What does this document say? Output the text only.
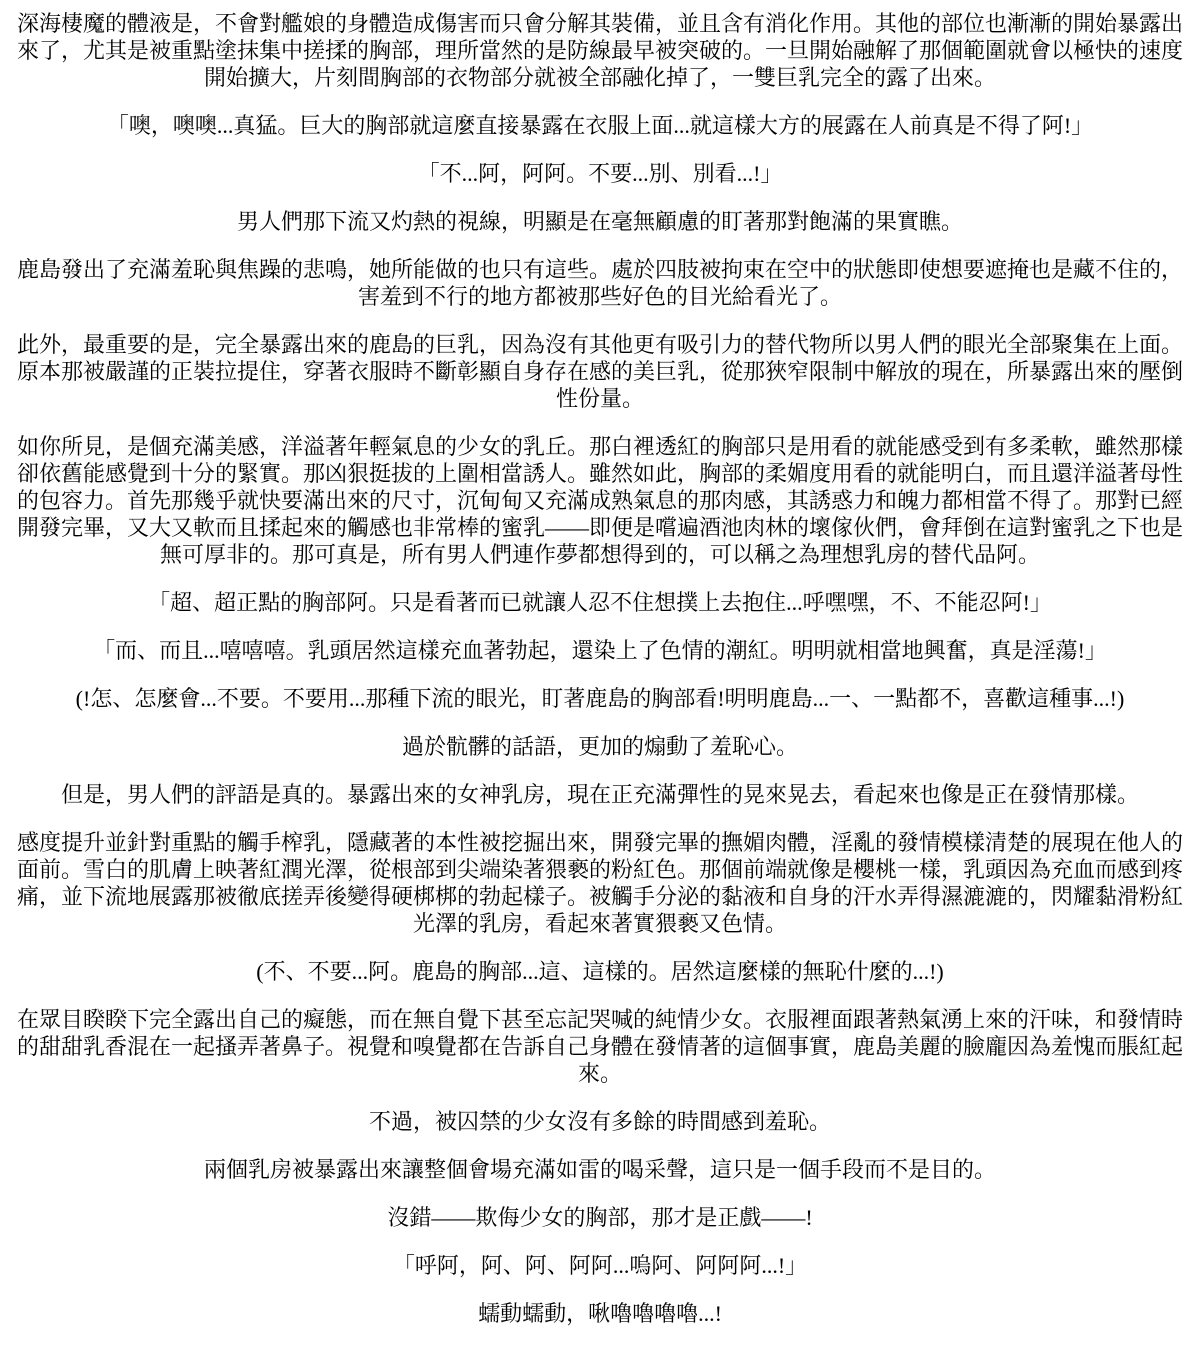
深海棲魔的體液是，不會對艦娘的身體造成傷害而只會分解其裝備，並且含有消化作用。其他的部位也漸漸的開始暴露出來了，尤其是被重點塗抹集中搓揉的胸部，理所當然的是防線最早被突破的。一旦開始融解了那個範圍就會以極快的速度開始擴大，片刻間胸部的衣物部分就被全部融化掉了，一雙巨乳完全的露了出來。

「噢，噢噢...真猛。巨大的胸部就這麼直接暴露在衣服上面...就這樣大方的展露在人前真是不得了阿!」

「不...阿，阿阿。不要...別、別看...!」

男人們那下流又灼熱的視線，明顯是在毫無顧慮的盯著那對飽滿的果實瞧。

鹿島發出了充滿羞恥與焦躁的悲鳴，她所能做的也只有這些。處於四肢被拘束在空中的狀態即使想要遮掩也是藏不住的，害羞到不行的地方都被那些好色的目光給看光了。

此外，最重要的是，完全暴露出來的鹿島的巨乳，因為沒有其他更有吸引力的替代物所以男人們的眼光全部聚集在上面。原本那被嚴謹的正裝拉提住，穿著衣服時不斷彰顯自身存在感的美巨乳，從那狹窄限制中解放的現在，所暴露出來的壓倒性份量。

如你所見，是個充滿美感，洋溢著年輕氣息的少女的乳丘。那白裡透紅的胸部只是用看的就能感受到有多柔軟，雖然那樣卻依舊能感覺到十分的緊實。那凶狠挺拔的上圍相當誘人。雖然如此，胸部的柔媚度用看的就能明白，而且還洋溢著母性的包容力。首先那幾乎就快要滿出來的尺寸，沉甸甸又充滿成熟氣息的那肉感，其誘惑力和魄力都相當不得了。那對已經開發完畢，又大又軟而且揉起來的觸感也非常棒的蜜乳——即便是嚐遍酒池肉林的壞傢伙們，會拜倒在這對蜜乳之下也是無可厚非的。那可真是，所有男人們連作夢都想得到的，可以稱之為理想乳房的替代品阿。

「超、超正點的胸部阿。只是看著而已就讓人忍不住想撲上去抱住...呼嘿嘿，不、不能忍阿!」

「而、而且...嘻嘻嘻。乳頭居然這樣充血著勃起，還染上了色情的潮紅。明明就相當地興奮，真是淫蕩!」

(!怎、怎麼會...不要。不要用...那種下流的眼光，盯著鹿島的胸部看!明明鹿島...一、一點都不，喜歡這種事...!)

過於骯髒的話語，更加的煽動了羞恥心。

但是，男人們的評語是真的。暴露出來的女神乳房，現在正充滿彈性的晃來晃去，看起來也像是正在發情那樣。

感度提升並針對重點的觸手榨乳，隱藏著的本性被挖掘出來，開發完畢的撫媚肉體，淫亂的發情模樣清楚的展現在他人的面前。雪白的肌膚上映著紅潤光澤，從根部到尖端染著猥褻的粉紅色。那個前端就像是櫻桃一樣，乳頭因為充血而感到疼痛，並下流地展露那被徹底搓弄後變得硬梆梆的勃起樣子。被觸手分泌的黏液和自身的汗水弄得濕漉漉的，閃耀黏滑粉紅光澤的乳房，看起來著實猥褻又色情。

(不、不要...阿。鹿島的胸部...這、這樣的。居然這麼樣的無恥什麼的...!)

在眾目睽睽下完全露出自己的癡態，而在無自覺下甚至忘記哭喊的純情少女。衣服裡面跟著熱氣湧上來的汗味，和發情時的甜甜乳香混在一起搔弄著鼻子。視覺和嗅覺都在告訴自己身體在發情著的這個事實，鹿島美麗的臉龐因為羞愧而脹紅起來。

不過，被囚禁的少女沒有多餘的時間感到羞恥。

兩個乳房被暴露出來讓整個會場充滿如雷的喝采聲，這只是一個手段而不是目的。

沒錯——欺侮少女的胸部，那才是正戲——!

「呼阿，阿、阿、阿阿...嗚阿、阿阿阿...!」

蠕動蠕動，啾嚕嚕嚕嚕...!
